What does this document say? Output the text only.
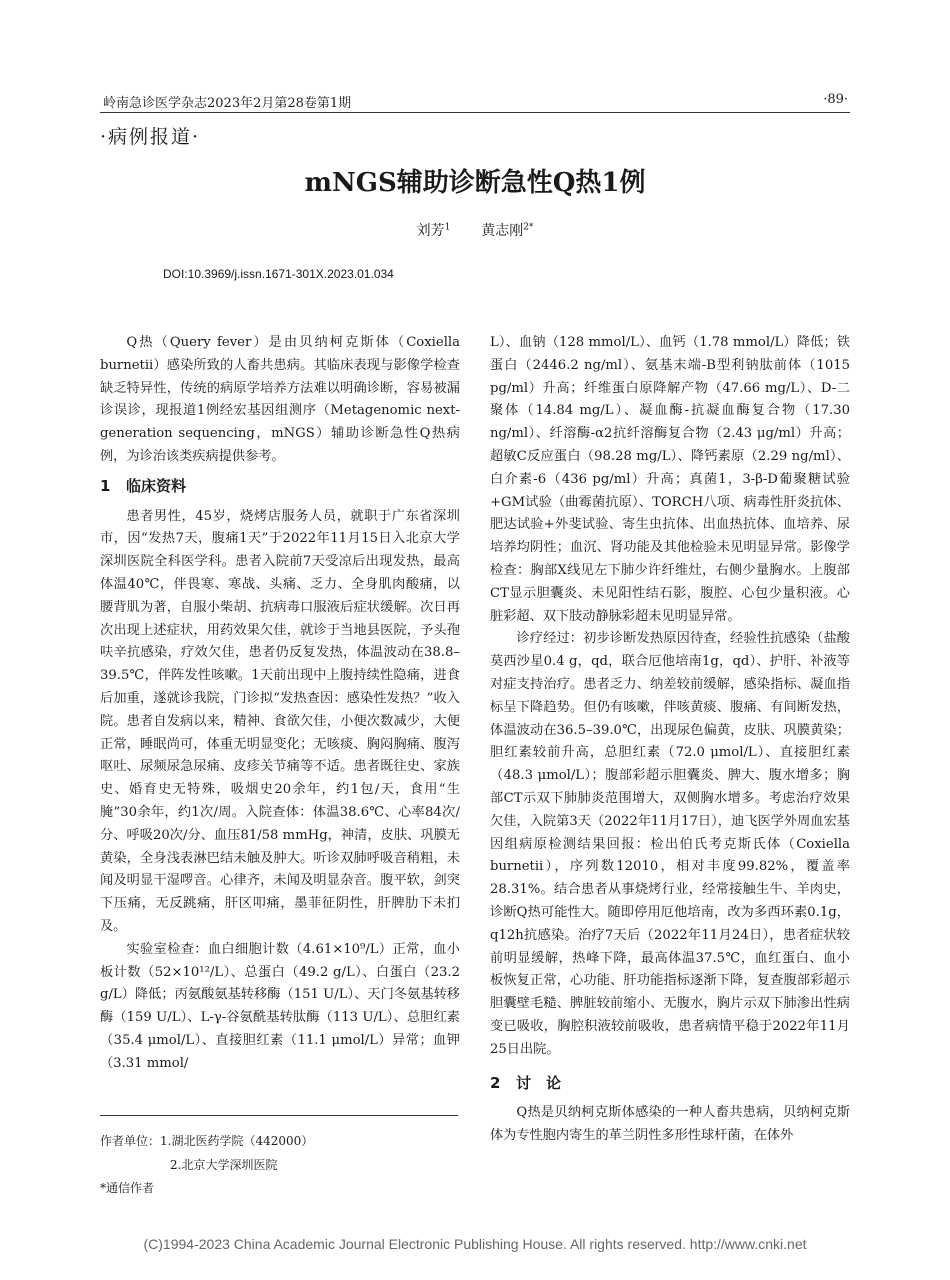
岭南急诊医学杂志2023年2月第28卷第1期	·89·
·病例报道·
mNGS辅助诊断急性Q热1例
刘芳$^1$ 黄志刚$^{2*}$
DOI:10.3969/j.issn.1671-301X.2023.01.034

Q热（Query fever）是由贝纳柯克斯体（Coxiella burnetii）感染所致的人畜共患病。其临床表现与影像学检查缺乏特异性，传统的病原学培养方法难以明确诊断，容易被漏诊误诊，现报道1例经宏基因组测序（Metagenomic next-generation sequencing，mNGS）辅助诊断急性Q热病例，为诊治该类疾病提供参考。

1 临床资料

患者男性，45岁，烧烤店服务人员，就职于广东省深圳市，因“发热7天，腹痛1天”于2022年11月15日入北京大学深圳医院全科医学科。患者入院前7天受凉后出现发热，最高体温40℃，伴畏寒、寒战、头痛、乏力、全身肌肉酸痛，以腰背肌为著，自服小柴胡、抗病毒口服液后症状缓解。次日再次出现上述症状，用药效果欠佳，就诊于当地县医院，予头孢呋辛抗感染，疗效欠佳，患者仍反复发热，体温波动在38.8–39.5℃，伴阵发性咳嗽。1天前出现中上腹持续性隐痛，进食后加重，遂就诊我院，门诊拟“发热查因：感染性发热？”收入院。患者自发病以来，精神、食欲欠佳，小便次数减少，大便正常，睡眠尚可，体重无明显变化；无咳痰、胸闷胸痛、腹泻呕吐、尿频尿急尿痛、皮疹关节痛等不适。患者既往史、家族史、婚育史无特殊，吸烟史20余年，约1包/天，食用“生腌”30余年，约1次/周。入院查体：体温38.6℃、心率84次/分、呼吸20次/分、血压81/58 mmHg，神清，皮肤、巩膜无黄染，全身浅表淋巴结未触及肿大。听诊双肺呼吸音稍粗，未闻及明显干湿啰音。心律齐，未闻及明显杂音。腹平软，剑突下压痛，无反跳痛，肝区叩痛，墨菲征阴性，肝脾肋下未扪及。

实验室检查：血白细胞计数（4.61×10⁹/L）正常，血小板计数（52×10¹²/L）、总蛋白（49.2 g/L）、白蛋白（23.2 g/L）降低；丙氨酸氨基转移酶（151 U/L）、天门冬氨基转移酶（159 U/L）、L-γ-谷氨酰基转肽酶（113 U/L）、总胆红素（35.4 μmol/L）、直接胆红素（11.1 μmol/L）异常；血钾（3.31 mmol/

L）、血钠（128 mmol/L）、血钙（1.78 mmol/L）降低；铁蛋白（2446.2 ng/ml）、氨基末端-B型利钠肽前体（1015 pg/ml）升高；纤维蛋白原降解产物（47.66 mg/L）、D-二聚体（14.84 mg/L）、凝血酶-抗凝血酶复合物（17.30 ng/ml）、纤溶酶-α2抗纤溶酶复合物（2.43 μg/ml）升高；超敏C反应蛋白（98.28 mg/L）、降钙素原（2.29 ng/ml）、白介素-6（436 pg/ml）升高；真菌1，3-β-D葡聚糖试验+GM试验（曲霉菌抗原）、TORCH八项、病毒性肝炎抗体、肥达试验+外斐试验、寄生虫抗体、出血热抗体、血培养、尿培养均阴性；血沉、肾功能及其他检验未见明显异常。影像学检查：胸部X线见左下肺少许纤维灶，右侧少量胸水。上腹部CT显示胆囊炎、未见阳性结石影，腹腔、心包少量积液。心脏彩超、双下肢动静脉彩超未见明显异常。

诊疗经过：初步诊断发热原因待查，经验性抗感染（盐酸莫西沙星0.4 g，qd，联合厄他培南1g，qd）、护肝、补液等对症支持治疗。患者乏力、纳差较前缓解，感染指标、凝血指标呈下降趋势。但仍有咳嗽，伴咳黄痰、腹痛、有间断发热，体温波动在36.5–39.0℃，出现尿色偏黄，皮肤、巩膜黄染；胆红素较前升高，总胆红素（72.0 μmol/L）、直接胆红素（48.3 μmol/L）；腹部彩超示胆囊炎、脾大、腹水增多；胸部CT示双下肺肺炎范围增大，双侧胸水增多。考虑治疗效果欠佳，入院第3天（2022年11月17日），迪飞医学外周血宏基因组病原检测结果回报：检出伯氏考克斯氏体（Coxiella burnetii），序列数12010，相对丰度99.82%，覆盖率28.31%。结合患者从事烧烤行业，经常接触生牛、羊肉史，诊断Q热可能性大。随即停用厄他培南，改为多西环素0.1g，q12h抗感染。治疗7天后（2022年11月24日），患者症状较前明显缓解，热峰下降，最高体温37.5℃，血红蛋白、血小板恢复正常，心功能、肝功能指标逐渐下降，复查腹部彩超示胆囊壁毛糙、脾脏较前缩小、无腹水，胸片示双下肺渗出性病变已吸收，胸腔积液较前吸收，患者病情平稳于2022年11月25日出院。

2 讨　论

Q热是贝纳柯克斯体感染的一种人畜共患病，贝纳柯克斯体为专性胞内寄生的革兰阴性多形性球杆菌，在体外

作者单位：1.湖北医药学院（442000）
2.北京大学深圳医院
*通信作者
(C)1994-2023 China Academic Journal Electronic Publishing House. All rights reserved. http://www.cnki.net
